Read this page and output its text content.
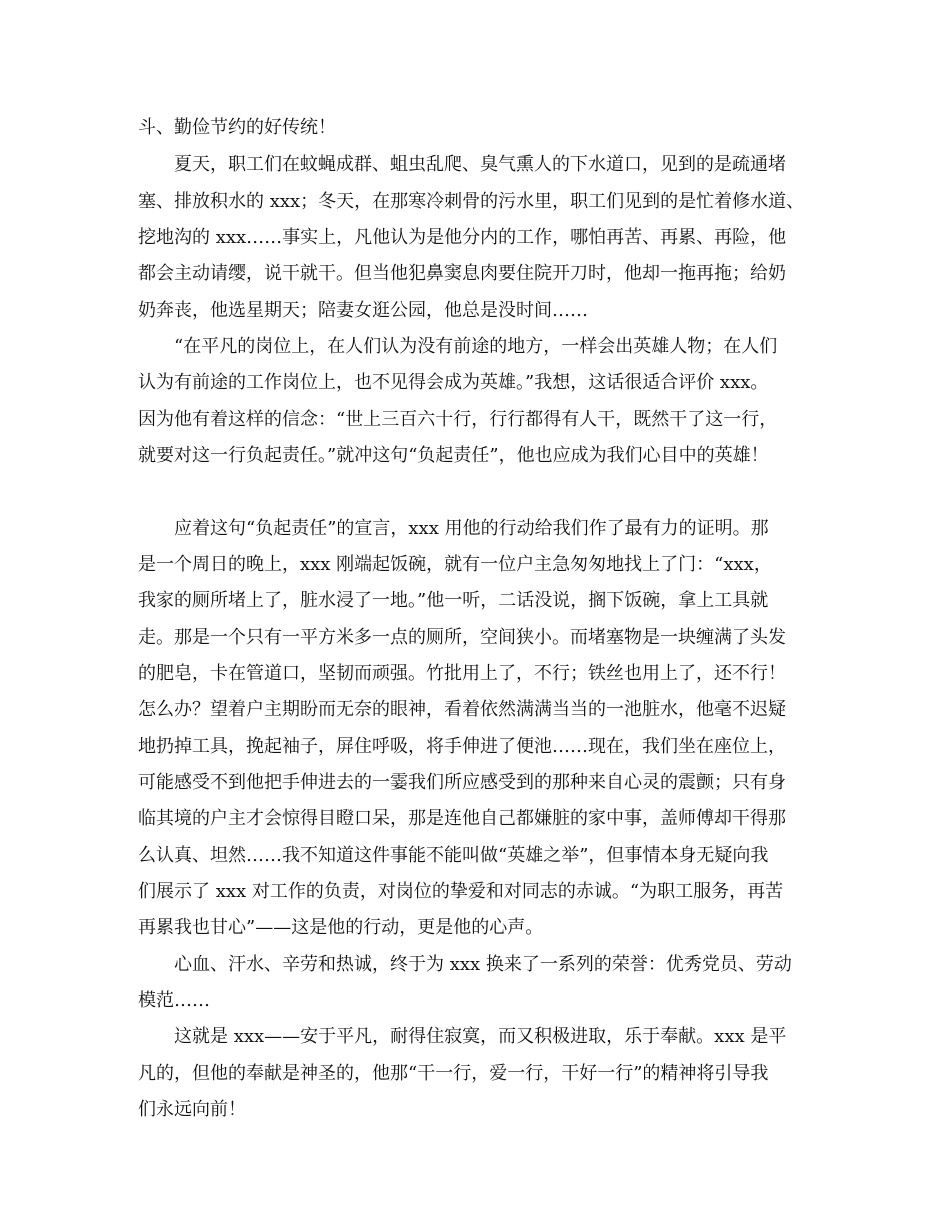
斗、勤俭节约的好传统！

夏天，职工们在蚊蝇成群、蛆虫乱爬、臭气熏人的下水道口，见到的是疏通堵

塞、排放积水的 xxx；冬天，在那寒冷刺骨的污水里，职工们见到的是忙着修水道、

挖地沟的 xxx……事实上，凡他认为是他分内的工作，哪怕再苦、再累、再险，他

都会主动请缨，说干就干。但当他犯鼻窦息肉要住院开刀时，他却一拖再拖；给奶

奶奔丧，他选星期天；陪妻女逛公园，他总是没时间……

“在平凡的岗位上，在人们认为没有前途的地方，一样会出英雄人物；在人们

认为有前途的工作岗位上，也不见得会成为英雄。”我想，这话很适合评价 xxx。

因为他有着这样的信念：“世上三百六十行，行行都得有人干，既然干了这一行，

就要对这一行负起责任。”就冲这句“负起责任”，他也应成为我们心目中的英雄！

应着这句“负起责任”的宣言，xxx 用他的行动给我们作了最有力的证明。那

是一个周日的晚上，xxx 刚端起饭碗，就有一位户主急匆匆地找上了门：“xxx，

我家的厕所堵上了，脏水浸了一地。”他一听，二话没说，搁下饭碗，拿上工具就

走。那是一个只有一平方米多一点的厕所，空间狭小。而堵塞物是一块缠满了头发

的肥皂，卡在管道口，坚韧而顽强。竹批用上了，不行；铁丝也用上了，还不行！

怎么办？望着户主期盼而无奈的眼神，看着依然满满当当的一池脏水，他毫不迟疑

地扔掉工具，挽起袖子，屏住呼吸，将手伸进了便池……现在，我们坐在座位上，

可能感受不到他把手伸进去的一霎我们所应感受到的那种来自心灵的震颤；只有身

临其境的户主才会惊得目瞪口呆，那是连他自己都嫌脏的家中事，盖师傅却干得那

么认真、坦然……我不知道这件事能不能叫做“英雄之举”，但事情本身无疑向我

们展示了 xxx 对工作的负责，对岗位的挚爱和对同志的赤诚。“为职工服务，再苦

再累我也甘心”——这是他的行动，更是他的心声。

心血、汗水、辛劳和热诚，终于为 xxx 换来了一系列的荣誉：优秀党员、劳动

模范……

这就是 xxx——安于平凡，耐得住寂寞，而又积极进取，乐于奉献。xxx 是平

凡的，但他的奉献是神圣的，他那“干一行，爱一行，干好一行”的精神将引导我

们永远向前！
